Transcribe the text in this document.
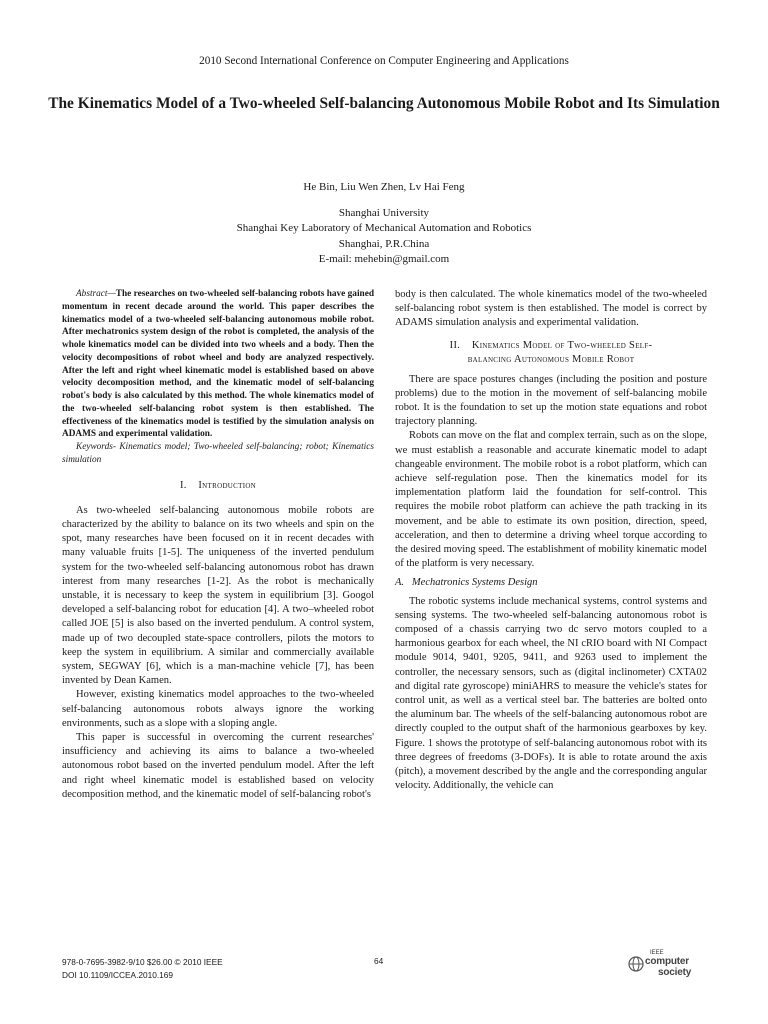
2010 Second International Conference on Computer Engineering and Applications
The Kinematics Model of a Two-wheeled Self-balancing Autonomous Mobile Robot and Its Simulation
He Bin, Liu Wen Zhen, Lv Hai Feng
Shanghai University
Shanghai Key Laboratory of Mechanical Automation and Robotics
Shanghai, P.R.China
E-mail: mehebin@gmail.com

Abstract—The researches on two-wheeled self-balancing robots have gained momentum in recent decade around the world. This paper describes the kinematics model of a two-wheeled self-balancing autonomous mobile robot. After mechatronics system design of the robot is completed, the analysis of the whole kinematics model can be divided into two wheels and a body. Then the velocity decompositions of robot wheel and body are analyzed respectively. After the left and right wheel kinematic model is established based on above velocity decomposition method, and the kinematic model of self-balancing robot's body is also calculated by this method. The whole kinematics model of the two-wheeled self-balancing robot system is then established. The effectiveness of the kinematics model is testified by the simulation analysis on ADAMS and experimental validation.

Keywords- Kinematics model; Two-wheeled self-balancing; robot; Kinematics simulation

I. Introduction

As two-wheeled self-balancing autonomous mobile robots are characterized by the ability to balance on its two wheels and spin on the spot, many researches have been focused on it in recent decades with many valuable fruits [1-5]. The uniqueness of the inverted pendulum system for the two-wheeled self-balancing autonomous robot has drawn interest from many researches [1-2]. As the robot is mechanically unstable, it is necessary to keep the system in equilibrium [3]. Googol developed a self-balancing robot for education [4]. A two–wheeled robot called JOE [5] is also based on the inverted pendulum. A control system, made up of two decoupled state-space controllers, pilots the motors to keep the system in equilibrium. A similar and commercially available system, SEGWAY [6], which is a man-machine vehicle [7], has been invented by Dean Kamen.

However, existing kinematics model approaches to the two-wheeled self-balancing autonomous robots always ignore the working environments, such as a slope with a sloping angle.

This paper is successful in overcoming the current researches' insufficiency and achieving its aims to balance a two-wheeled autonomous robot based on the inverted pendulum model. After the left and right wheel kinematic model is established based on velocity decomposition method, and the kinematic model of self-balancing robot's

body is then calculated. The whole kinematics model of the two-wheeled self-balancing robot system is then established. The model is correct by ADAMS simulation analysis and experimental validation.

II. Kinematics Model of Two-wheeled Self-
balancing Autonomous Mobile Robot

There are space postures changes (including the position and posture problems) due to the motion in the movement of self-balancing mobile robot. It is the foundation to set up the motion state equations and robot trajectory planning.

Robots can move on the flat and complex terrain, such as on the slope, we must establish a reasonable and accurate kinematic model to adapt changeable environment. The mobile robot is a robot platform, which can achieve self-regulation pose. Then the kinematics model for its implementation platform laid the foundation for self-control. This requires the mobile robot platform can achieve the path tracking in its movement, and be able to estimate its own position, direction, speed, acceleration, and then to determine a driving wheel torque according to the desired moving speed. The establishment of mobility kinematic model of the platform is very necessary.

A. Mechatronics Systems Design

The robotic systems include mechanical systems, control systems and sensing systems. The two-wheeled self-balancing autonomous robot is composed of a chassis carrying two dc servo motors coupled to a harmonious gearbox for each wheel, the NI cRIO board with NI Compact module 9014, 9401, 9205, 9411, and 9263 used to implement the controller, the necessary sensors, such as (digital inclinometer) CXTA02 and digital rate gyroscope) miniAHRS to measure the vehicle's states for control unit, as well as a vertical steel bar. The batteries are bolted onto the aluminum bar. The wheels of the self-balancing autonomous robot are directly coupled to the output shaft of the harmonious gearboxes by key. Figure. 1 shows the prototype of self-balancing autonomous robot with its three degrees of freedoms (3-DOFs). It is able to rotate around the axis (pitch), a movement described by the angle and the corresponding angular velocity. Additionally, the vehicle can

978-0-7695-3982-9/10 $26.00 © 2010 IEEE
DOI 10.1109/ICCEA.2010.169
64
IEEE
computer
society
